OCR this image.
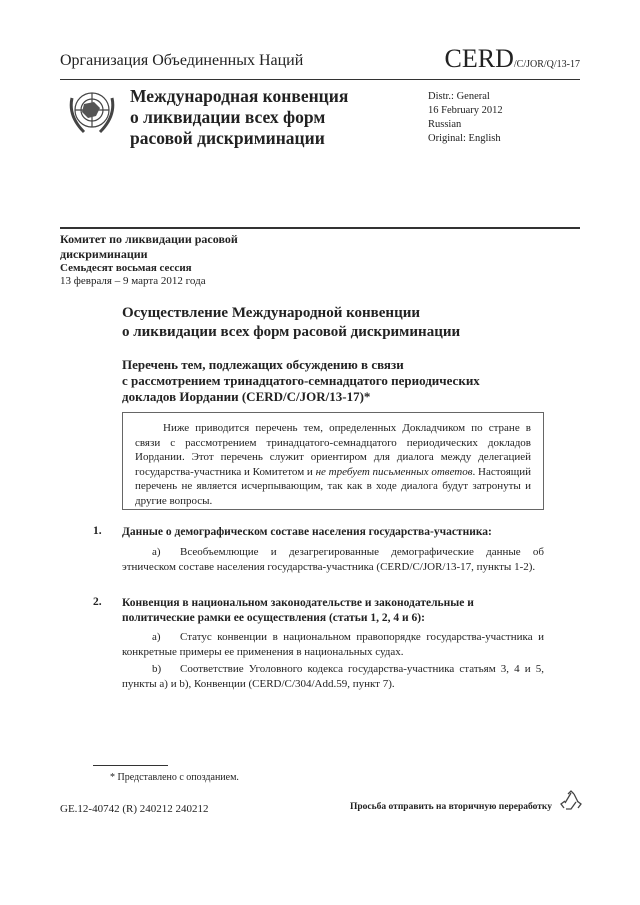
Организация Объединенных Наций	CERD/C/JOR/Q/13-17
Международная конвенция
о ликвидации всех форм
расовой дискриминации
Distr.: General
16 February 2012
Russian
Original: English
Комитет по ликвидации расовой дискриминации
Семьдесят восьмая сессия
13 февраля – 9 марта 2012 года
Осуществление Международной конвенции
о ликвидации всех форм расовой дискриминации
Перечень тем, подлежащих обсуждению в связи
с рассмотрением тринадцатого-семнадцатого периодических
докладов Иордании (CERD/C/JOR/13-17)*

Ниже приводится перечень тем, определенных Докладчиком по стране в связи с рассмотрением тринадцатого-семнадцатого периодических докладов Иордании. Этот перечень служит ориентиром для диалога между делегацией государства-участника и Комитетом и не требует письменных ответов. Настоящий перечень не является исчерпывающим, так как в ходе диалога будут затронуты и другие вопросы.

1. Данные о демографическом составе населения государства-участника:
a) Всеобъемлющие и дезагрегированные демографические данные об этническом составе населения государства-участника (CERD/C/JOR/13-17, пункты 1-2).
2. Конвенция в национальном законодательстве и законодательные и политические рамки ее осуществления (статьи 1, 2, 4 и 6):
a) Статус конвенции в национальном правопорядке государства-участника и конкретные примеры ее применения в национальных судах.
b) Соответствие Уголовного кодекса государства-участника статьям 3, 4 и 5, пункты a) и b), Конвенции (CERD/C/304/Add.59, пункт 7).
* Представлено с опозданием.
GE.12-40742 (R) 240212 240212	Просьба отправить на вторичную переработку
